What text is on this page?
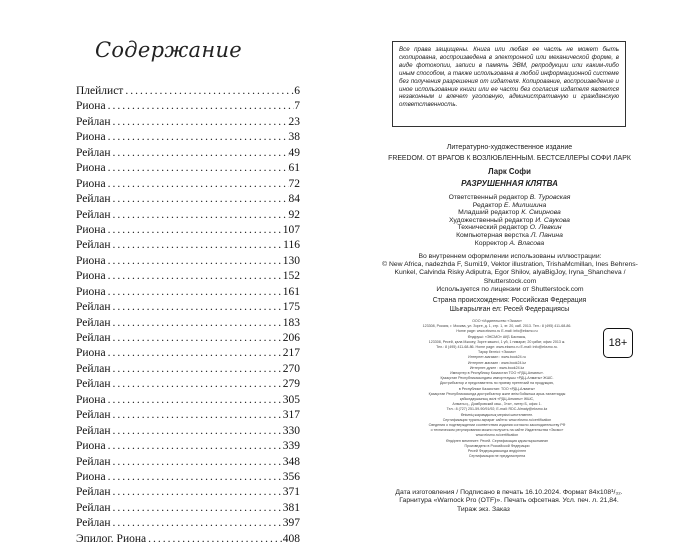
Содержание
Плейлист .....	6
Риона .....	7
Рейлан .....	23
Риона .....	38
Рейлан .....	49
Риона .....	61
Риона .....	72
Рейлан .....	84
Рейлан .....	92
Риона .....	107
Рейлан .....	116
Риона .....	130
Риона .....	152
Риона .....	161
Рейлан .....	175
Рейлан .....	183
Рейлан .....	206
Риона .....	217
Рейлан .....	270
Рейлан .....	279
Риона .....	305
Рейлан .....	317
Рейлан .....	330
Риона .....	339
Рейлан .....	348
Риона .....	356
Рейлан .....	371
Рейлан .....	381
Рейлан .....	397
Эпилог. Риона .....	408
Все права защищены. Книга или любая ее часть не может быть скопирована, воспроизведена в электронной или механической форме, в виде фотокопии, записи в память ЭВМ, репродукции или каким-либо иным способом, а также использована в любой информационной системе без получения разрешения от издателя. Копирование, воспроизведение и иное использование книги или ее части без согласия издателя является незаконным и влечет уголовную, административную и гражданскую ответственность.
Литературно-художественное издание
FREEDOM. ОТ ВРАГОВ К ВОЗЛЮБЛЕННЫМ. БЕСТСЕЛЛЕРЫ СОФИ ЛАРК
Ларк Софи
РАЗРУШЕННАЯ КЛЯТВА
Ответственный редактор В. Туровская
Редактор Е. Милишина
Младший редактор К. Смирнова
Художественный редактор И. Саукова
Технический редактор О. Левкин
Компьютерная верстка Л. Панина
Корректор А. Власова
Во внутреннем оформлении использованы иллюстрации:
© New Africa, nadezhda F, Sumi19, Vektor illustration, TrishaMcmillan, Ines Behrens-Kunkel, Calvinda Risky Adiputra, Egor Shilov, alyaBigJoy, Iryna_Shancheva / Shutterstock.com
Используется по лицензии от Shutterstock.com
Страна происхождения: Российская Федерация
Шығарылған ел: Ресей Федерациясы
ООО «Издательство «Эксмо»
123308, Россия, г. Москва, ул. Зорге, д. 1, стр. 1, эт. 20, каб. 2013. Тел.: 8 (495) 411-68-86.
Home page: www.eksmo.ru E-mail: info@eksmo.ru
Өндіруші: «ЭКСМО» АҚБ Баспасы,
123308, Ресей, қала Мәскеу, Зорге көшесі, 1 үй, 1 ғимарат, 20 қабат, офис 2013 ж.
Тел.: 8 (495) 411-68-86. Home page: www.eksmo.ru E-mail: info@eksmo.ru.
Тауар белгісі: «Эксмо»
Интернет-магазин : www.book24.ru
Интернет-магазин : www.book24.kz
Интернет-дүкен : www.book24.kz
Импортер в Республику Казахстан ТОО «РДЦ-Алматы».
Қазақстан Республикасындағы импорттаушы «РДЦ-Алматы» ЖШС.
Дистрибьютор и представитель по приему претензий на продукцию,
в Республике Казахстан: ТОО «РДЦ-Алматы»
Қазақстан Республикасында дистрибьютор және өнім бойынша арыз-талаптарды
қабылдаушының өкілі «РДЦ-Алматы» ЖШС,
Алматы қ., Домбровский көш., 3«а», литер Б, офис 1.
Тел.: 8 (727) 251-59-90/91/92; E-mail: RDC-Almaty@eksmo.kz
Өнімнің жарамдылық мерзімі шектелмеген.
Сертификация туралы ақпарат сайтта: www.eksmo.ru/certification
Сведения о подтверждении соответствия издания согласно законодательству РФ
о техническом регулировании можно получить на сайте Издательства «Эксмо»
www.eksmo.ru/certification
Өндірген мемлекет: Ресей. Сертификация қарастырылмаған
Произведено в Российской Федерации
Ресей Федерациясында өндірілген
Сертификация не предусмотрена
18+
Дата изготовления / Подписано в печать 16.10.2024. Формат 84x108¹/₃₂.
Гарнитура «Warnock Pro (OTF)». Печать офсетная. Усл. печ. л. 21,84.
Тираж экз. Заказ
